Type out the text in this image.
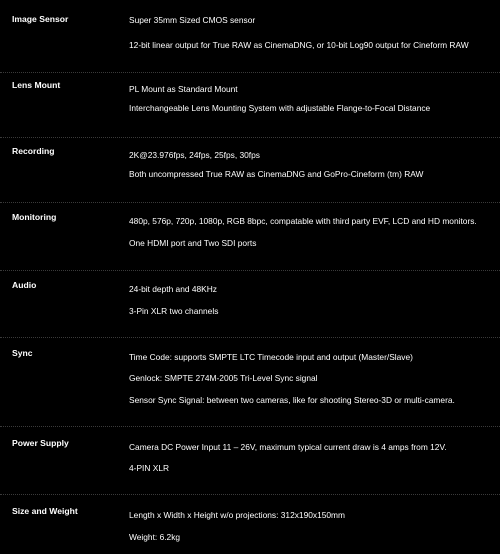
Image Sensor	Super 35mm Sized CMOS sensor
12-bit linear output for True RAW as CinemaDNG, or 10-bit Log90 output for Cineform RAW
Lens Mount	PL Mount as Standard Mount
Interchangeable Lens Mounting System with adjustable Flange-to-Focal Distance
Recording	2K@23.976fps, 24fps, 25fps, 30fps
Both uncompressed True RAW as CinemaDNG and GoPro-Cineform (tm) RAW
Monitoring	480p, 576p, 720p, 1080p, RGB 8bpc, compatable with third party EVF, LCD and HD monitors.
One HDMI port and Two SDI ports
Audio	24-bit depth and 48KHz
3-Pin XLR two channels
Sync	Time Code: supports SMPTE LTC Timecode input and output (Master/Slave)
Genlock: SMPTE 274M-2005 Tri-Level Sync signal
Sensor Sync Signal: between two cameras, like for shooting Stereo-3D or multi-camera.
Power Supply	Camera DC Power Input 11 – 26V, maximum typical current draw is 4 amps from 12V.
4-PIN XLR
Size and Weight	Length x Width x Height w/o projections: 312x190x150mm
Weight: 6.2kg
